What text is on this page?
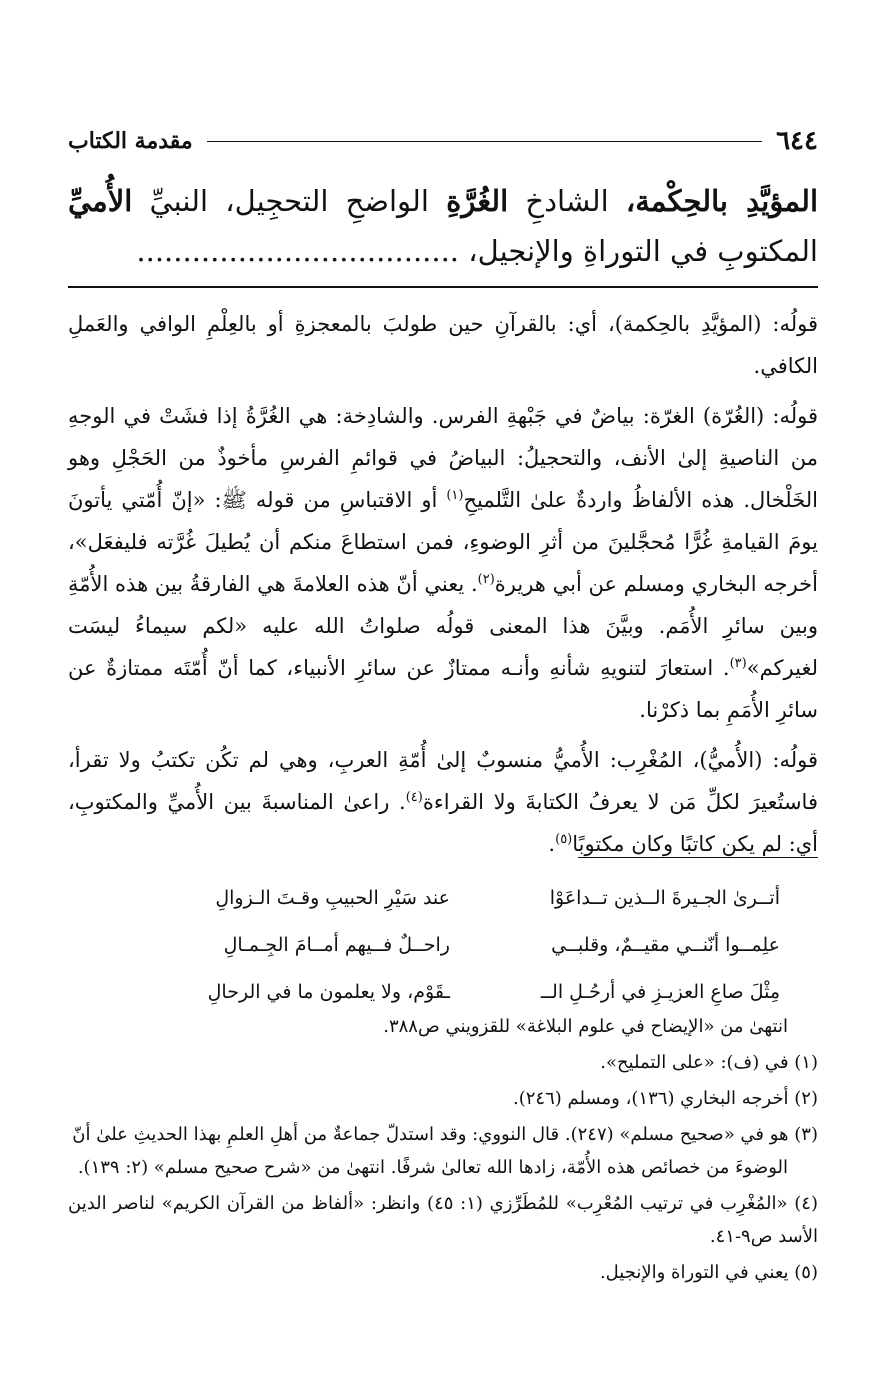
٦٤٤
مقدمة الكتاب
المؤيَّدِ بالحِكْمة، الشادخِ الغُرَّةِ الواضحِ التحجِيل، النبيِّ الأُميِّ المكتوبِ في التوراةِ والإنجيل، ...................................

قولُه: (المؤيَّدِ بالحِكمة)، أي: بالقرآنِ حين طولبَ بالمعجزةِ أو بالعِلْمِ الوافي والعَملِ الكافي.

قولُه: (الغُرّة) الغرّة: بياضٌ في جَبْهةِ الفرس. والشادِخة: هي الغُرَّةُ إذا فشَتْ في الوجهِ من الناصيةِ إلىٰ الأنف، والتحجيلُ: البياضُ في قوائمِ الفرسِ مأخوذٌ من الحَجْلِ وهو الخَلْخال. هذه الألفاظُ واردةٌ علىٰ التَّلميحِ$^{(١)}$ أو الاقتباسِ من قوله ﷺ: «إنّ أُمّتي يأتونَ يومَ القيامةِ غُرًّا مُحجَّلينَ من أثرِ الوضوءِ، فمن استطاعَ منكم أن يُطيلَ غُرَّته فليفعَل»، أخرجه البخاري ومسلم عن أبي هريرة$^{(٢)}$. يعني أنّ هذه العلامةَ هي الفارقةُ بين هذه الأُمّةِ وبين سائرِ الأُمَم. وبيَّنَ هذا المعنى قولُه صلواتُ الله عليه «لكم سيماءُ ليسَت لغيركم»$^{(٣)}$. استعارَ لتنويهِ شأنهِ وأنـه ممتازٌ عن سائرِ الأنبياء، كما أنّ أُمّتَه ممتازةٌ عن سائرِ الأُمَمِ بما ذكرْنا.

قولُه: (الأُميُّ)، المُغْرِب: الأُميُّ منسوبٌ إلىٰ أُمّةِ العربِ، وهي لم تكُن تكتبُ ولا تقرأ، فاستُعيرَ لكلِّ مَن لا يعرفُ الكتابةَ ولا القراءة$^{(٤)}$. راعىٰ المناسبةَ بين الأُميِّ والمكتوبِ، أي: لم يكن كاتبًا وكان مكتوبًا$^{(٥)}$.

أتــرىٰ الجـيرةَ الــذين تــداعَوْا
عند سَيْرِ الحبيبِ وقـتَ الـزوالِ
علِمــوا أنّنــي مقيــمٌ، وقلبــي
راحــلٌ فــيهم أمــامَ الجِـمـالِ
مِثْلَ صاعِ العزيـزِ في أرحُـلِ الــ
ـقَوْم، ولا يعلمون ما في الرحالِ

انتهىٰ من «الإيضاح في علوم البلاغة» للقزويني ص٣٨٨.

(١) في (ف): «على التمليح».

(٢) أخرجه البخاري (١٣٦)، ومسلم (٢٤٦).

(٣) هو في «صحيح مسلم» (٢٤٧). قال النووي: وقد استدلّ جماعةٌ من أهلِ العلمِ بهذا الحديثِ علىٰ أنّ
الوضوءَ من خصائص هذه الأُمّة، زادها الله تعالىٰ شرفًا. انتهىٰ من «شرح صحيح مسلم» (٢: ١٣٩).

(٤) «المُغْرِب في ترتيب المُعْرِب» للمُطَرِّزي (١: ٤٥) وانظر: «ألفاظ من القرآن الكريم» لناصر الدين الأسد ص٩-٤١.

(٥) يعني في التوراة والإنجيل.
